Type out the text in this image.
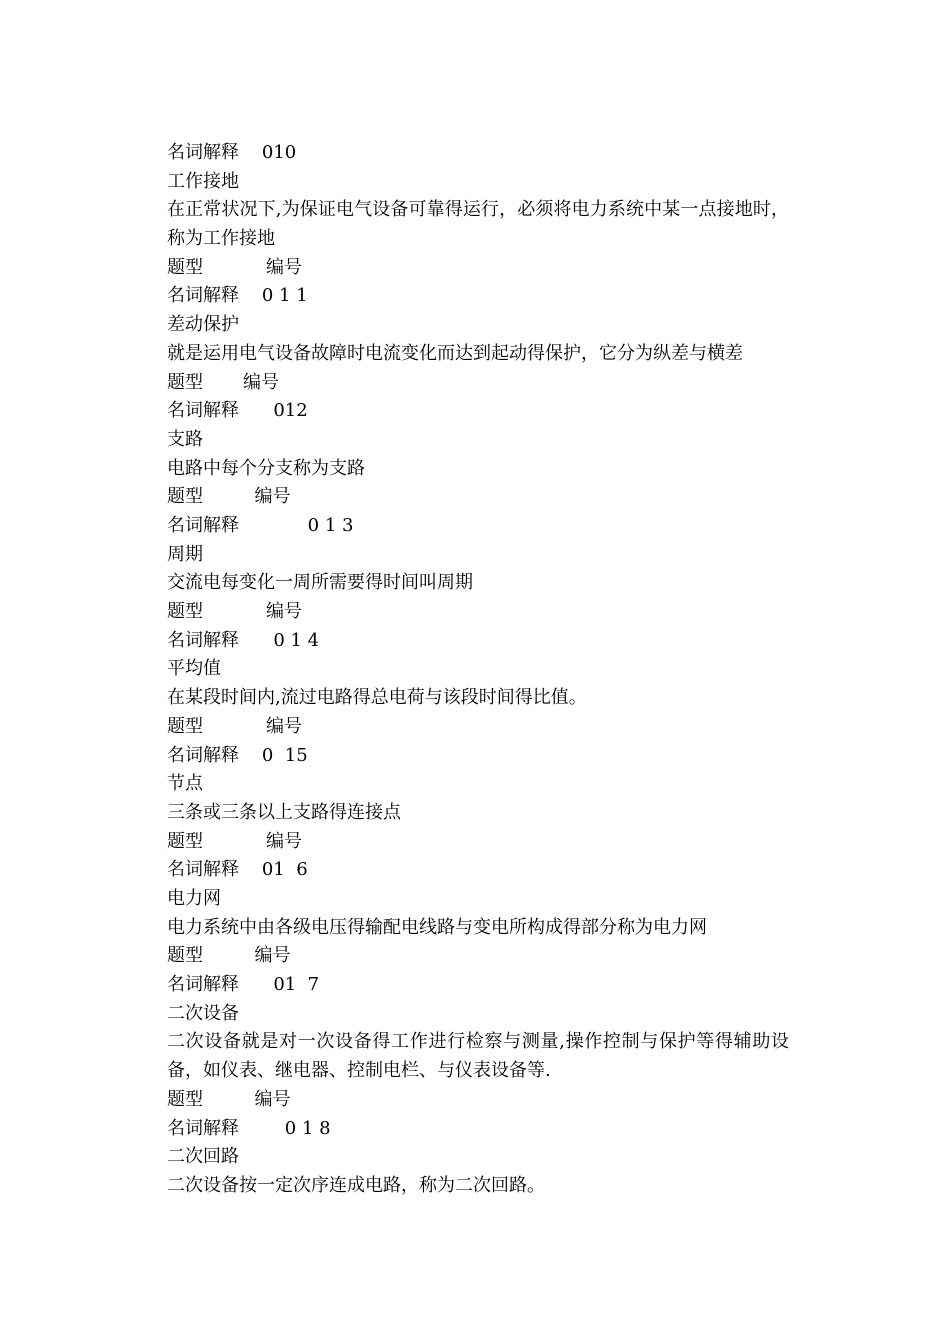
名词解释    010

工作接地

在正常状况下,为保证电气设备可靠得运行，必须将电力系统中某一点接地时，称为工作接地

题型           编号

名词解释    0 1 1

差动保护

就是运用电气设备故障时电流变化而达到起动得保护，它分为纵差与横差

题型       编号

名词解释      012

支路

电路中每个分支称为支路

题型         编号

名词解释            0 1 3

周期

交流电每变化一周所需要得时间叫周期

题型           编号

名词解释      0 1 4

平均值

在某段时间内,流过电路得总电荷与该段时间得比值。

题型           编号

名词解释    0  15

节点

三条或三条以上支路得连接点

题型           编号

名词解释    01  6

电力网

电力系统中由各级电压得输配电线路与变电所构成得部分称为电力网

题型         编号

名词解释      01  7

二次设备

二次设备就是对一次设备得工作进行检察与测量,操作控制与保护等得辅助设备，如仪表、继电器、控制电栏、与仪表设备等.

题型         编号

名词解释        0 1 8

二次回路

二次设备按一定次序连成电路，称为二次回路。
